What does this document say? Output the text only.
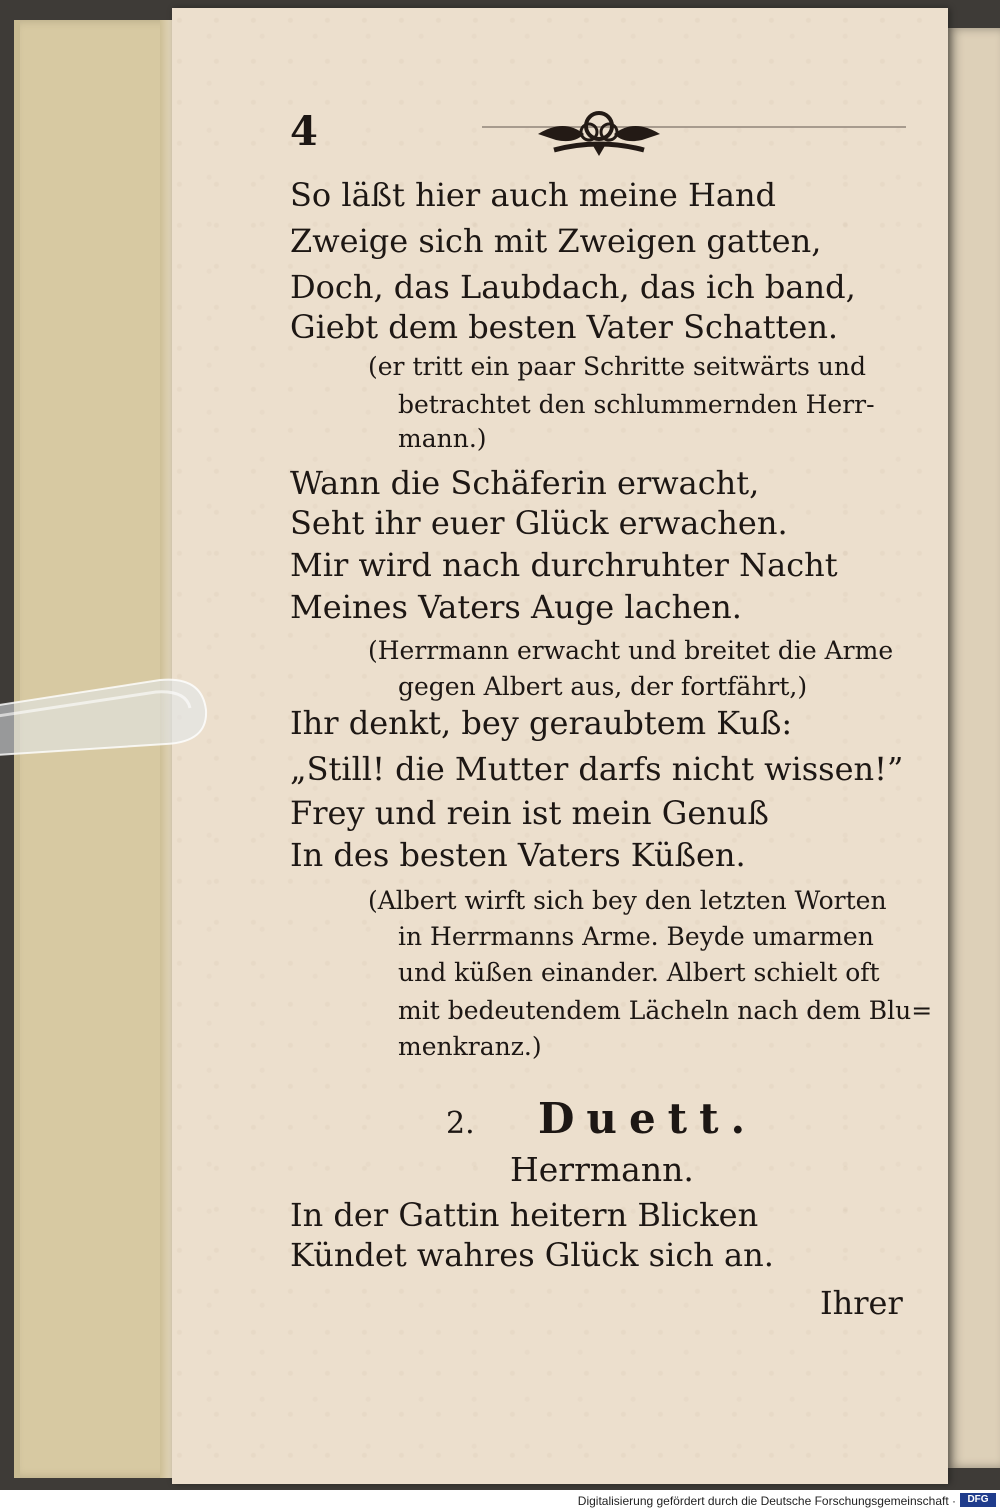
4
So läßt hier auch meine Hand
Zweige sich mit Zweigen gatten,
Doch, das Laubdach, das ich band,
Giebt dem besten Vater Schatten.
(er tritt ein paar Schritte seitwärts und
betrachtet den schlummernden Herr-
mann.)
Wann die Schäferin erwacht,
Seht ihr euer Glück erwachen.
Mir wird nach durchruhter Nacht
Meines Vaters Auge lachen.
(Herrmann erwacht und breitet die Arme
gegen Albert aus, der fortfährt,)
Ihr denkt, bey geraubtem Kuß:
„Still! die Mutter darfs nicht wissen!”
Frey und rein ist mein Genuß
In des besten Vaters Küßen.
(Albert wirft sich bey den letzten Worten
in Herrmanns Arme. Beyde umarmen
und küßen einander. Albert schielt oft
mit bedeutendem Lächeln nach dem Blu=
menkranz.)
2. Duett.
Herrmann.
In der Gattin heitern Blicken
Kündet wahres Glück sich an.
Ihrer
Digitalisierung gefördert durch die Deutsche Forschungsgemeinschaft ·	DFG
